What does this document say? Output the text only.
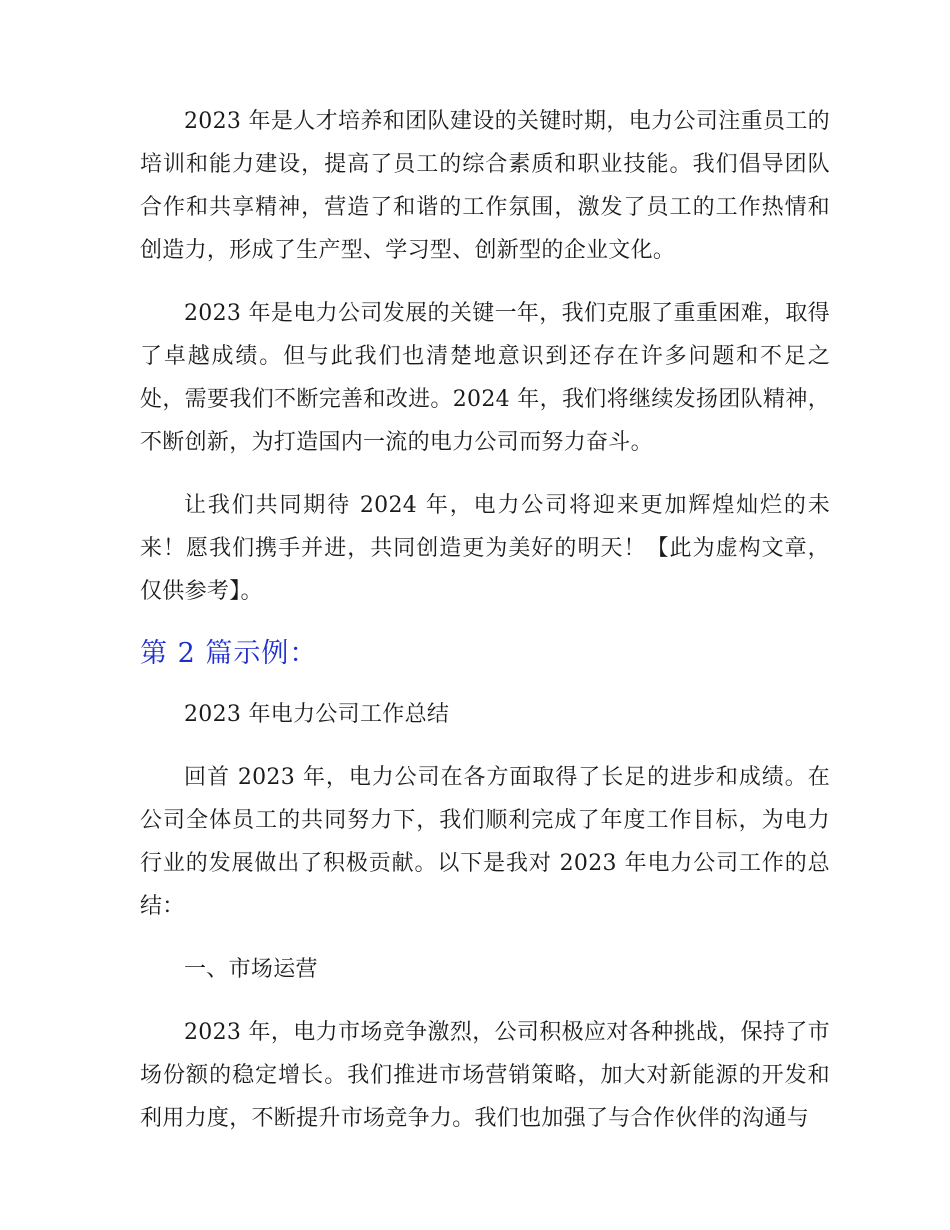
2023 年是人才培养和团队建设的关键时期，电力公司注重员工的培训和能力建设，提高了员工的综合素质和职业技能。我们倡导团队合作和共享精神，营造了和谐的工作氛围，激发了员工的工作热情和创造力，形成了生产型、学习型、创新型的企业文化。

2023 年是电力公司发展的关键一年，我们克服了重重困难，取得了卓越成绩。但与此我们也清楚地意识到还存在许多问题和不足之处，需要我们不断完善和改进。2024 年，我们将继续发扬团队精神，不断创新，为打造国内一流的电力公司而努力奋斗。

让我们共同期待 2024 年，电力公司将迎来更加辉煌灿烂的未来！愿我们携手并进，共同创造更为美好的明天！【此为虚构文章，仅供参考】。

第 2 篇示例：

2023 年电力公司工作总结

回首 2023 年，电力公司在各方面取得了长足的进步和成绩。在公司全体员工的共同努力下，我们顺利完成了年度工作目标，为电力行业的发展做出了积极贡献。以下是我对 2023 年电力公司工作的总结：

一、市场运营

2023 年，电力市场竞争激烈，公司积极应对各种挑战，保持了市场份额的稳定增长。我们推进市场营销策略，加大对新能源的开发和利用力度，不断提升市场竞争力。我们也加强了与合作伙伴的沟通与
